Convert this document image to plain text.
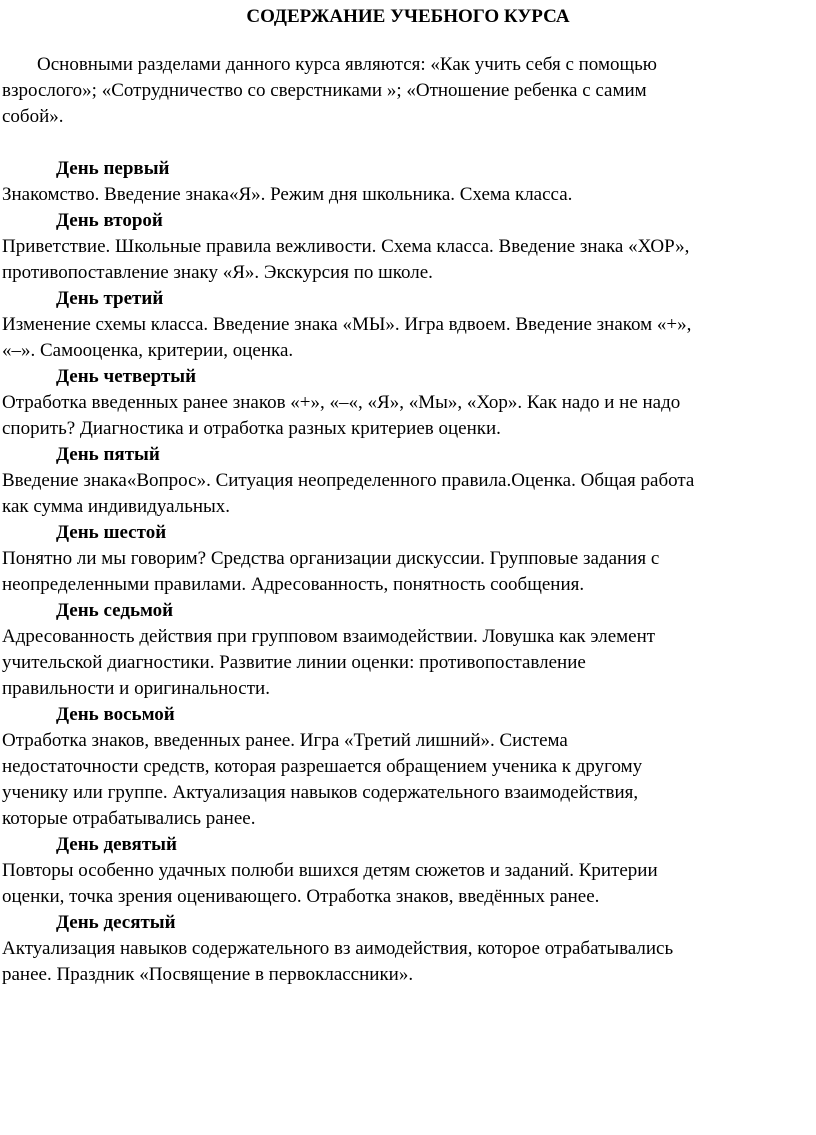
СОДЕРЖАНИЕ УЧЕБНОГО КУРСА
Основными разделами данного курса являются: «Как учить себя с помощью
взрослого»; «Сотрудничество со сверстниками »; «Отношение ребенка с самим
собой».
День первый
Знакомство. Введение знака«Я». Режим дня школьника. Схема класса.
День второй
Приветствие. Школьные правила вежливости. Схема класса. Введение знака «ХОР»,
противопоставление знаку «Я». Экскурсия по школе.
День третий
Изменение схемы класса. Введение знака «МЫ». Игра вдвоем. Введение знаком «+»,
«–». Самооценка, критерии, оценка.
День четвертый
Отработка введенных ранее знаков «+», «–«, «Я», «Мы», «Хор». Как надо и не надо
спорить? Диагностика и отработка разных критериев оценки.
День пятый
Введение знака«Вопрос». Ситуация неопределенного правила.Оценка. Общая работа
как сумма индивидуальных.
День шестой
Понятно ли мы говорим? Средства организации дискуссии. Групповые задания с
неопределенными правилами. Адресованность, понятность сообщения.
День седьмой
Адресованность действия при групповом взаимодействии. Ловушка как элемент
учительской диагностики. Развитие линии оценки: противопоставление
правильности и оригинальности.
День восьмой
Отработка знаков, введенных ранее. Игра «Третий лишний». Система
недостаточности средств, которая разрешается обращением ученика к другому
ученику или группе. Актуализация навыков содержательного взаимодействия,
которые отрабатывались ранее.
День девятый
Повторы особенно удачных полюби вшихся детям сюжетов и заданий. Критерии
оценки, точка зрения оценивающего. Отработка знаков, введённых ранее.
День десятый
Актуализация навыков содержательного вз аимодействия, которое отрабатывались
ранее. Праздник «Посвящение в первоклассники».
